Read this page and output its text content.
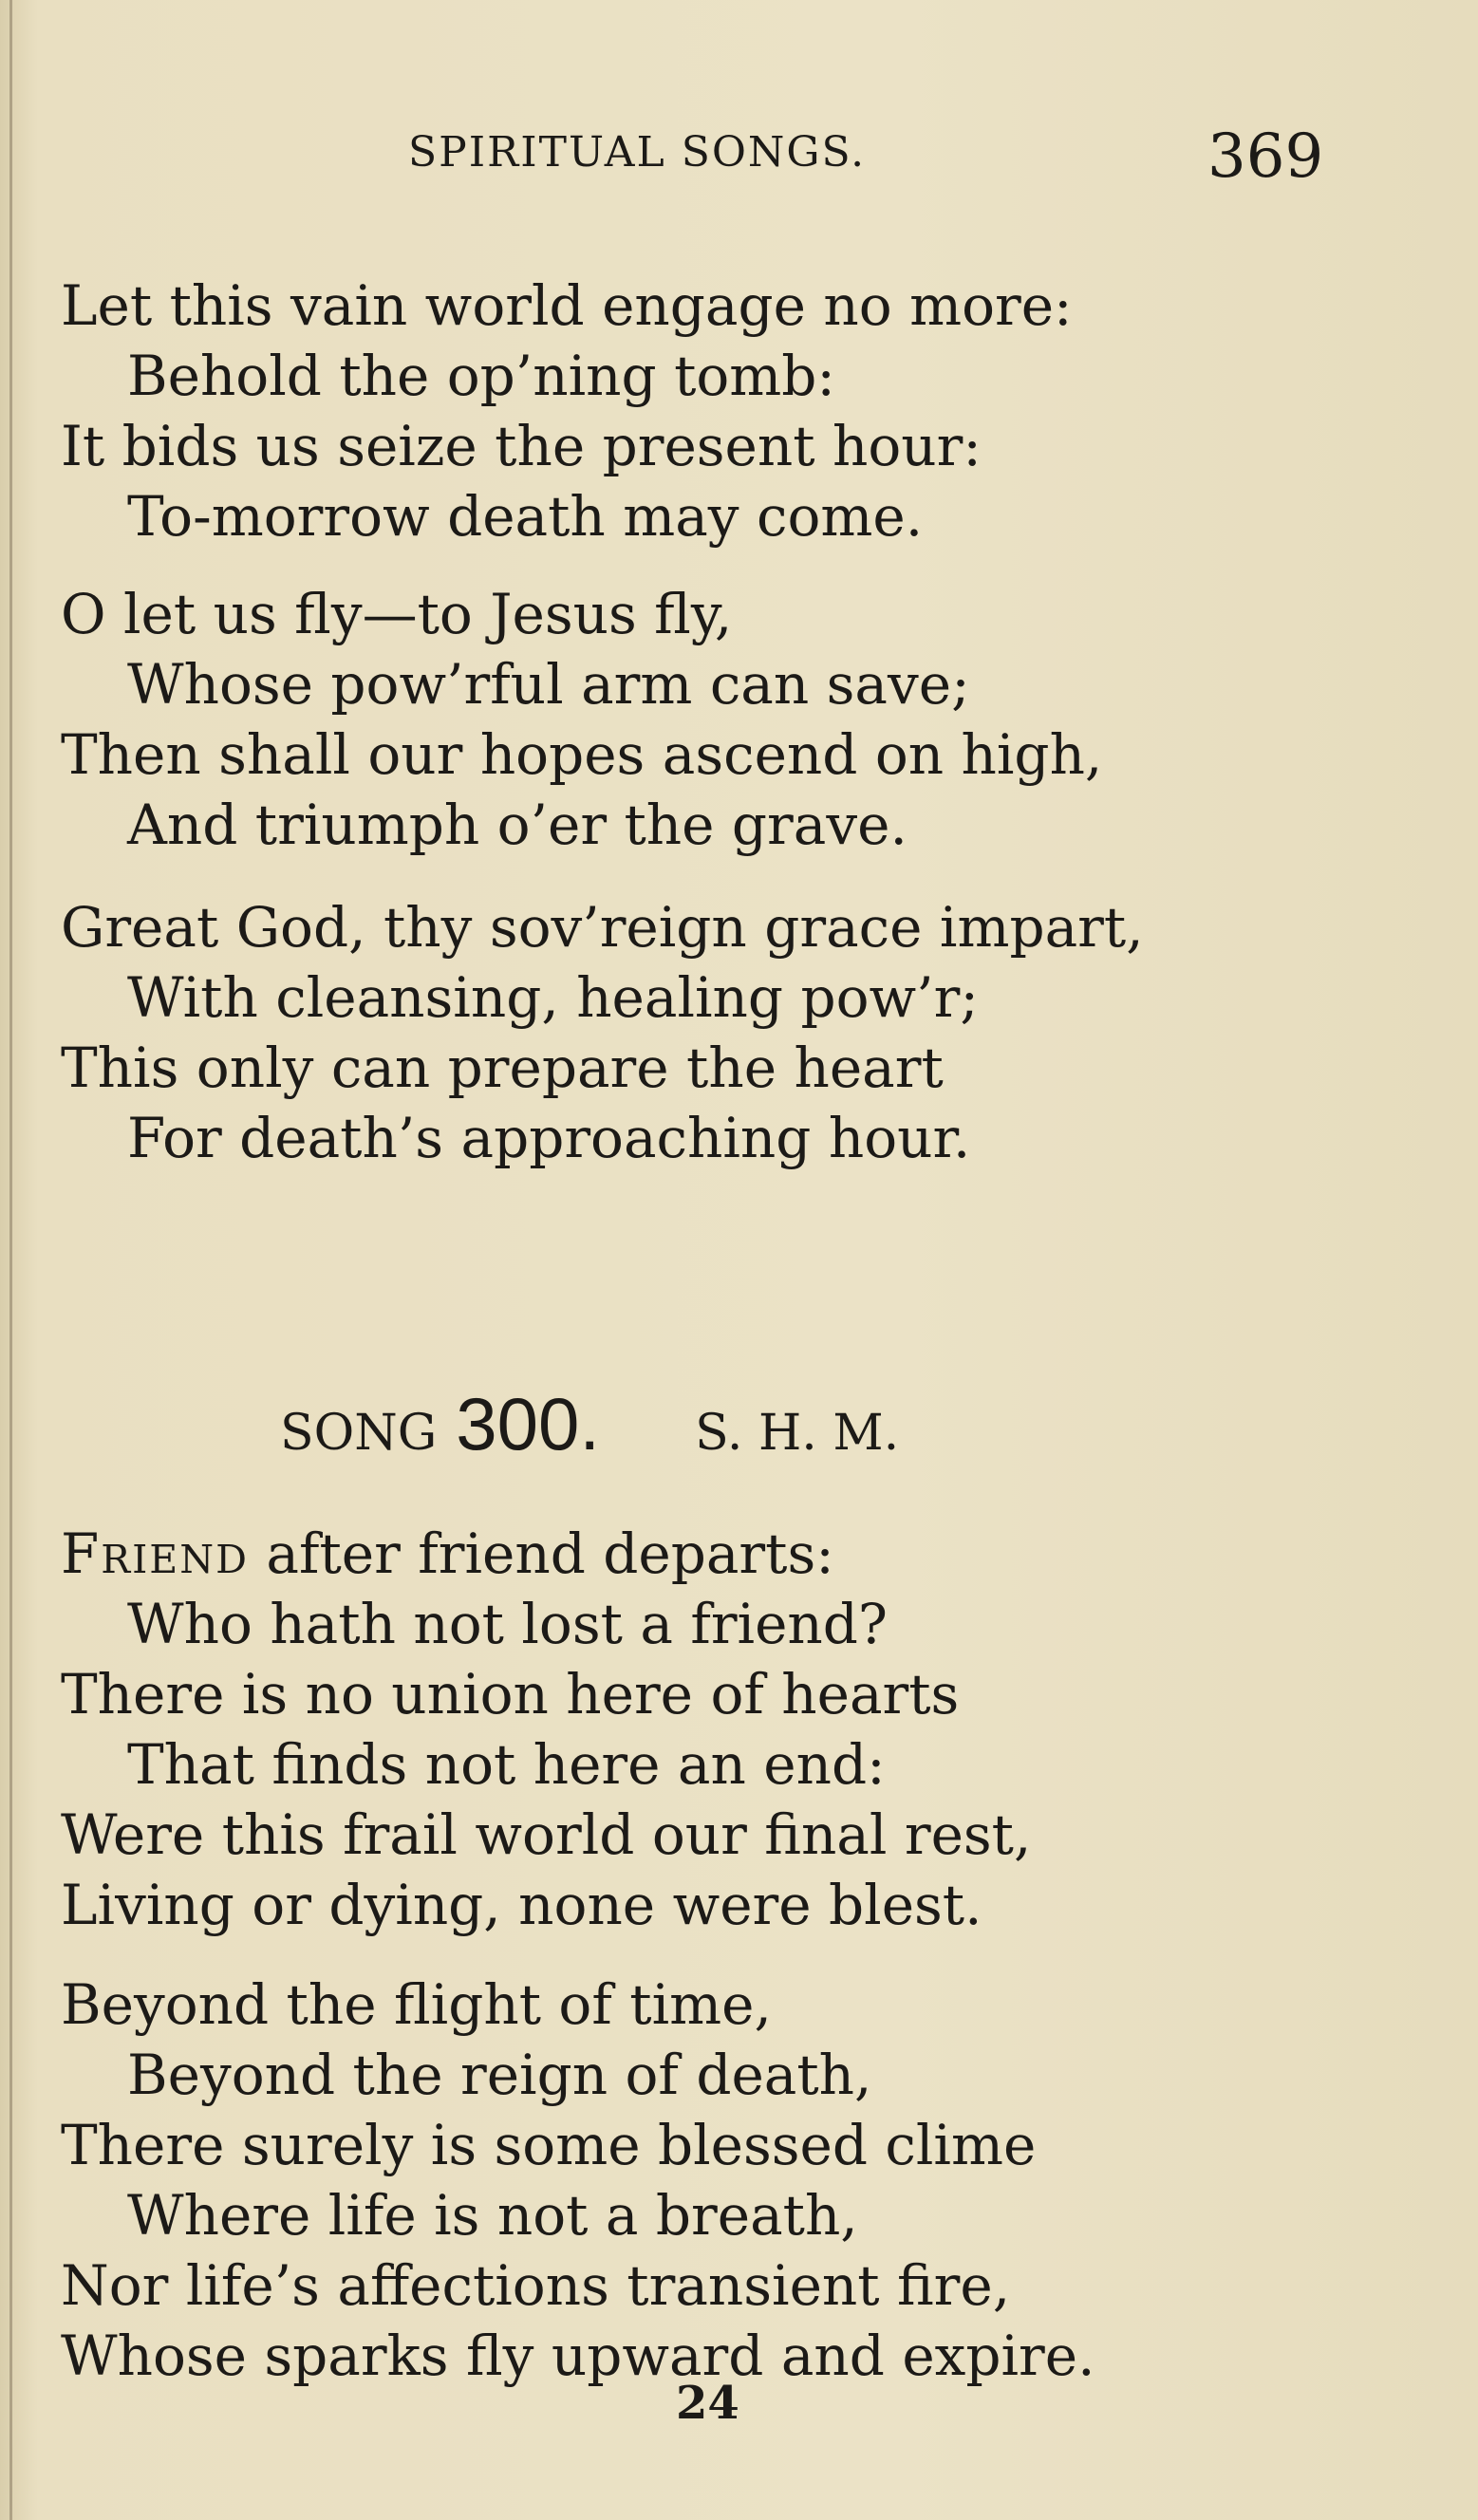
SPIRITUAL SONGS.	369
Let this vain world engage no more:
Behold the op’ning tomb:
It bids us seize the present hour:
To-morrow death may come.
O let us fly—to Jesus fly,
Whose pow’rful arm can save;
Then shall our hopes ascend on high,
And triumph o’er the grave.
Great God, thy sov’reign grace impart,
With cleansing, healing pow’r;
This only can prepare the heart
For death’s approaching hour.
SONG 300. S. H. M.
Friend after friend departs:
Who hath not lost a friend?
There is no union here of hearts
That finds not here an end:
Were this frail world our final rest,
Living or dying, none were blest.
Beyond the flight of time,
Beyond the reign of death,
There surely is some blessed clime
Where life is not a breath,
Nor life’s affections transient fire,
Whose sparks fly upward and expire.
24
